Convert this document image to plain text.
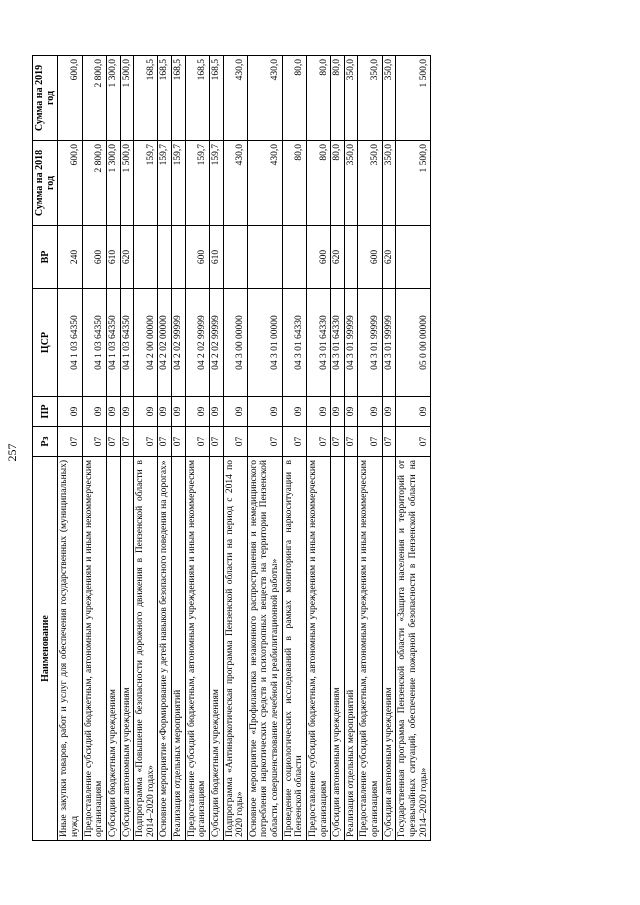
257
Наименование	Рз	ПР	ЦСР	ВР	Сумма на 2018 год	Сумма на 2019 год
Иные закупки товаров, работ и услуг для обеспечения государственных (муниципальных) нужд	07	09	04 1 03 64350	240	600,0	600,0
Предоставление субсидий бюджетным, автономным учреждениям и иным некоммерческим организациям	07	09	04 1 03 64350	600	2 800,0	2 800,0
Субсидии бюджетным учреждениям	07	09	04 1 03 64350	610	1 300,0	1 300,0
Субсидии автономным учреждениям	07	09	04 1 03 64350	620	1 500,0	1 500,0
Подпрограмма «Повышение безопасности дорожного движения в Пензенской области в 2014–2020 годах»	07	09	04 2 00 00000		159,7	168,5
Основное мероприятие «Формирование у детей навыков безопасного поведения на дорогах»	07	09	04 2 02 00000		159,7	168,5
Реализация отдельных мероприятий	07	09	04 2 02 99999		159,7	168,5
Предоставление субсидий бюджетным, автономным учреждениям и иным некоммерческим организациям	07	09	04 2 02 99999	600	159,7	168,5
Субсидии бюджетным учреждениям	07	09	04 2 02 99999	610	159,7	168,5
Подпрограмма «Антинаркотическая программа Пензенской области на период с 2014 по 2020 годы»	07	09	04 3 00 00000		430,0	430,0
Основное мероприятие «Профилактика незаконного распространения и немедицинского потребления наркотических средств и психотропных веществ на территории Пензенской области, совершенствование лечебной и реабилитационной работы»	07	09	04 3 01 00000		430,0	430,0
Проведение социологических исследований в рамках мониторинга наркоситуации в Пензенской области	07	09	04 3 01 64330		80,0	80,0
Предоставление субсидий бюджетным, автономным учреждениям и иным некоммерческим организациям	07	09	04 3 01 64330	600	80,0	80,0
Субсидии автономным учреждениям	07	09	04 3 01 64330	620	80,0	80,0
Реализация отдельных мероприятий	07	09	04 3 01 99999		350,0	350,0
Предоставление субсидий бюджетным, автономным учреждениям и иным некоммерческим организациям	07	09	04 3 01 99999	600	350,0	350,0
Субсидии автономным учреждениям	07	09	04 3 01 99999	620	350,0	350,0
Государственная программа Пензенской области «Защита населения и территорий от чрезвычайных ситуаций, обеспечение пожарной безопасности в Пензенской области на 2014–2020 годы»	07	09	05 0 00 00000		1 500,0	1 500,0
